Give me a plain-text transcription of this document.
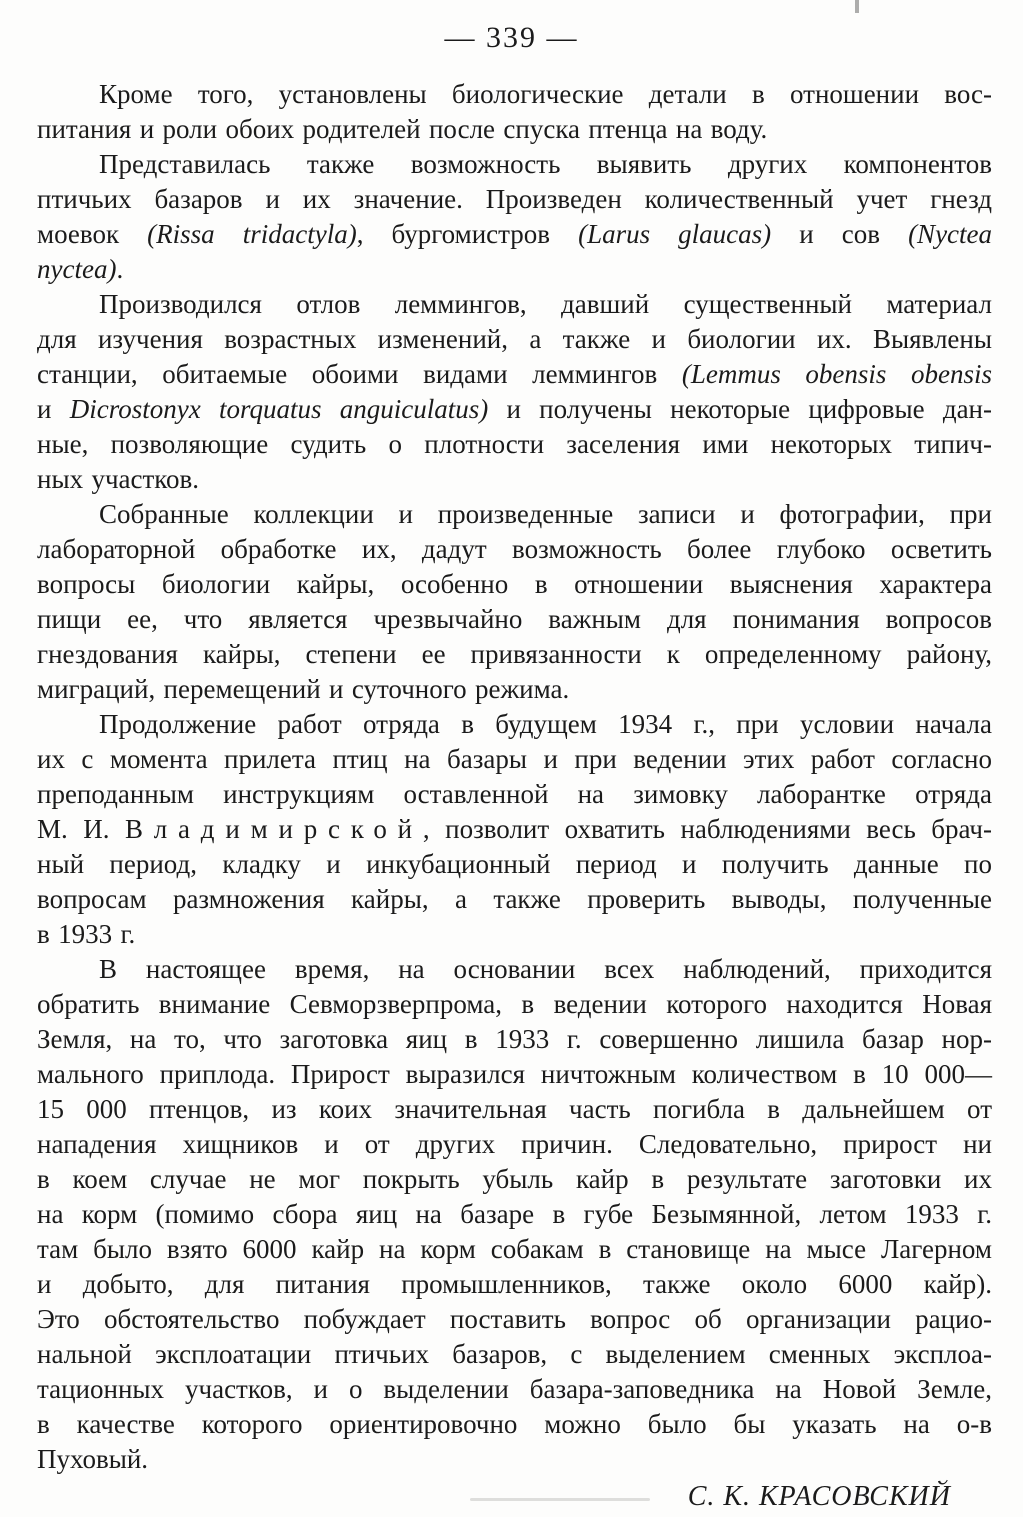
— 339 —
Кроме того, установлены биологические детали в отношении вос-
питания и роли обоих родителей после спуска птенца на воду.
Представилась также возможность выявить других компонентов
птичьих базаров и их значение. Произведен количественный учет гнезд
моевок (Rissa tridactyla), бургомистров (Larus glaucas) и сов (Nyctea
nyctea).
Производился отлов леммингов, давший существенный материал
для изучения возрастных изменений, а также и биологии их. Выявлены
станции, обитаемые обоими видами леммингов (Lemmus obensis obensis
и Dicrostonyx torquatus anguiculatus) и получены некоторые цифровые дан-
ные, позволяющие судить о плотности заселения ими некоторых типич-
ных участков.
Собранные коллекции и произведенные записи и фотографии, при
лабораторной обработке их, дадут возможность более глубоко осветить
вопросы биологии кайры, особенно в отношении выяснения характера
пищи ее, что является чрезвычайно важным для понимания вопросов
гнездования кайры, степени ее привязанности к определенному району,
миграций, перемещений и суточного режима.
Продолжение работ отряда в будущем 1934 г., при условии начала
их с момента прилета птиц на базары и при ведении этих работ согласно
преподанным инструкциям оставленной на зимовку лаборантке отряда
М. И. Владимирской, позволит охватить наблюдениями весь брач-
ный период, кладку и инкубационный период и получить данные по
вопросам размножения кайры, а также проверить выводы, полученные
в 1933 г.
В настоящее время, на основании всех наблюдений, приходится
обратить внимание Севморзверпрома, в ведении которого находится Новая
Земля, на то, что заготовка яиц в 1933 г. совершенно лишила базар нор-
мального приплода. Прирост выразился ничтожным количеством в 10 000—
15 000 птенцов, из коих значительная часть погибла в дальнейшем от
нападения хищников и от других причин. Следовательно, прирост ни
в коем случае не мог покрыть убыль кайр в результате заготовки их
на корм (помимо сбора яиц на базаре в губе Безымянной, летом 1933 г.
там было взято 6000 кайр на корм собакам в становище на мысе Лагерном
и добыто, для питания промышленников, также около 6000 кайр).
Это обстоятельство побуждает поставить вопрос об организации рацио-
нальной эксплоатации птичьих базаров, с выделением сменных эксплоа-
тационных участков, и о выделении базара-заповедника на Новой Земле,
в качестве которого ориентировочно можно было бы указать на о-в
Пуховый.
С. К. КРАСОВСКИЙ
